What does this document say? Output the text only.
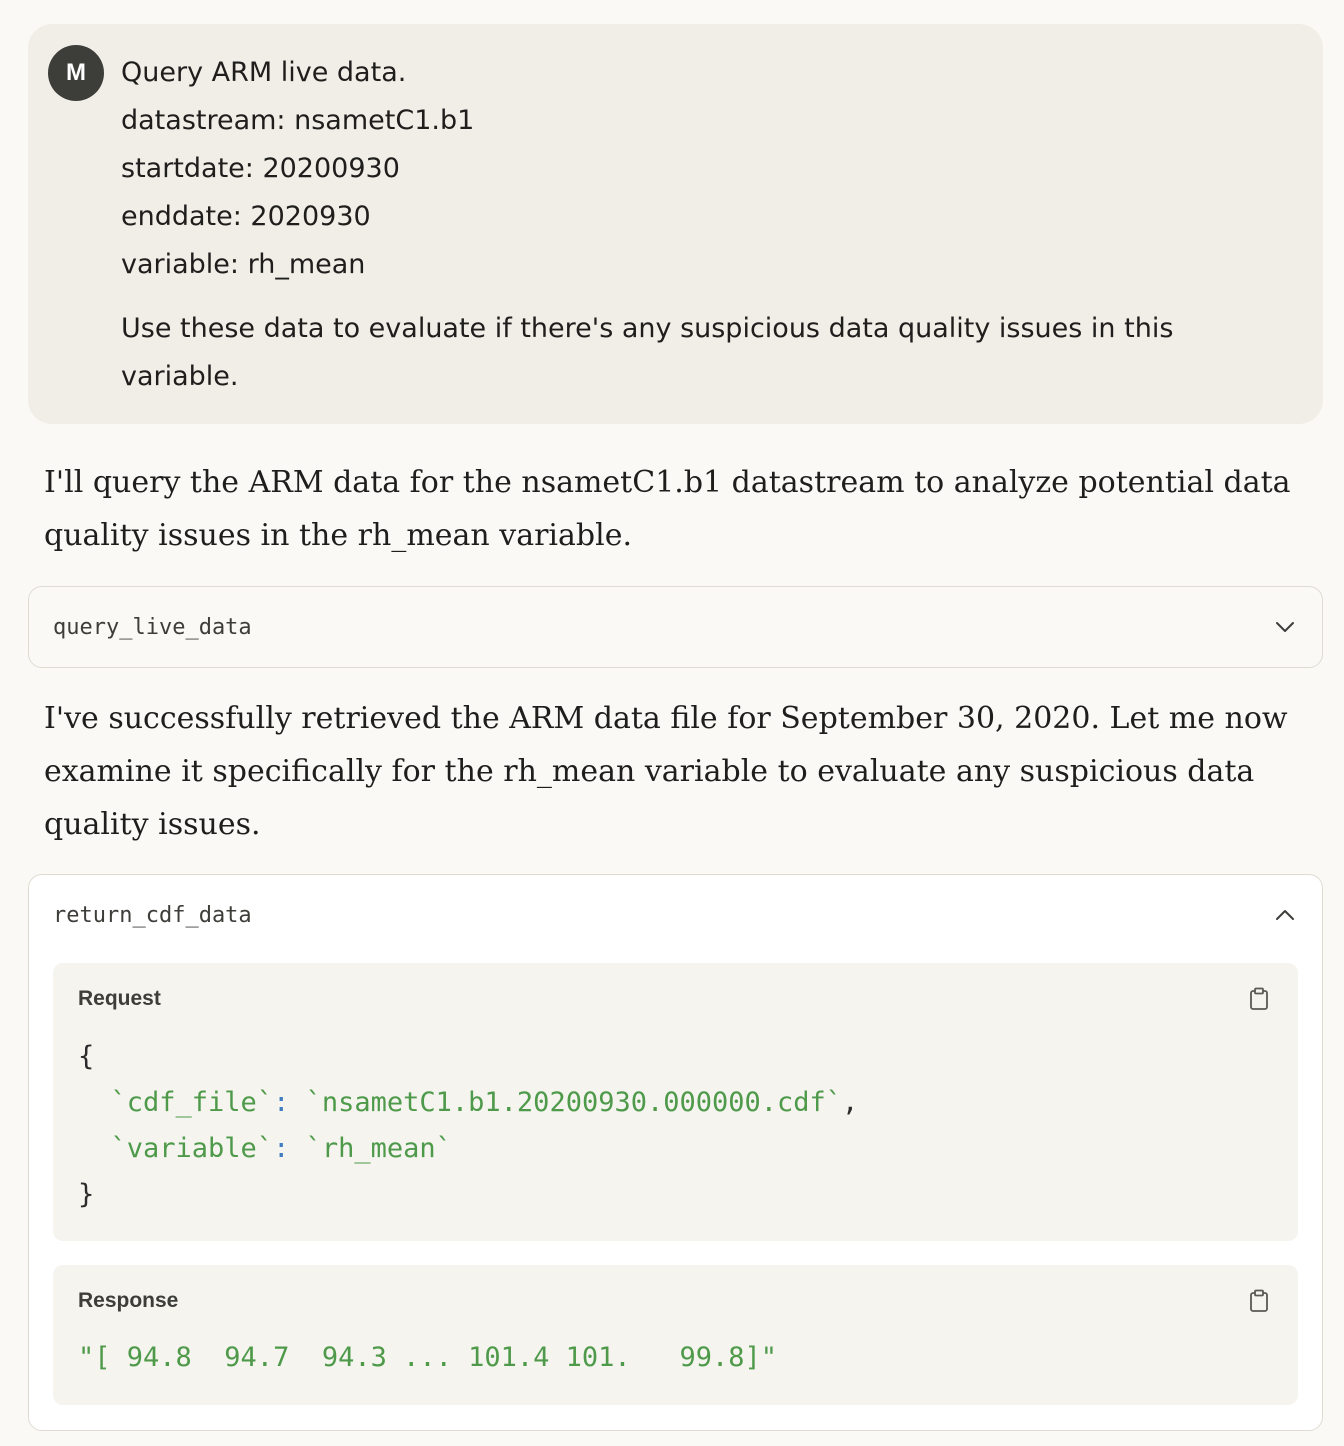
M	Query ARM live data.
datastream: nsametC1.b1
startdate: 20200930
enddate: 2020930
variable: rh_mean
Use these data to evaluate if there's any suspicious data quality issues in this variable.

I'll query the ARM data for the nsametC1.b1 datastream to analyze potential data quality issues in the rh_mean variable.

query_live_data

I've successfully retrieved the ARM data file for September 30, 2020. Let me now examine it specifically for the rh_mean variable to evaluate any suspicious data quality issues.

return_cdf_data
Request
{
`cdf_file`: `nsametC1.b1.20200930.000000.cdf`,
`variable`: `rh_mean`
}
Response
"[ 94.8  94.7  94.3 ... 101.4 101.   99.8]"
